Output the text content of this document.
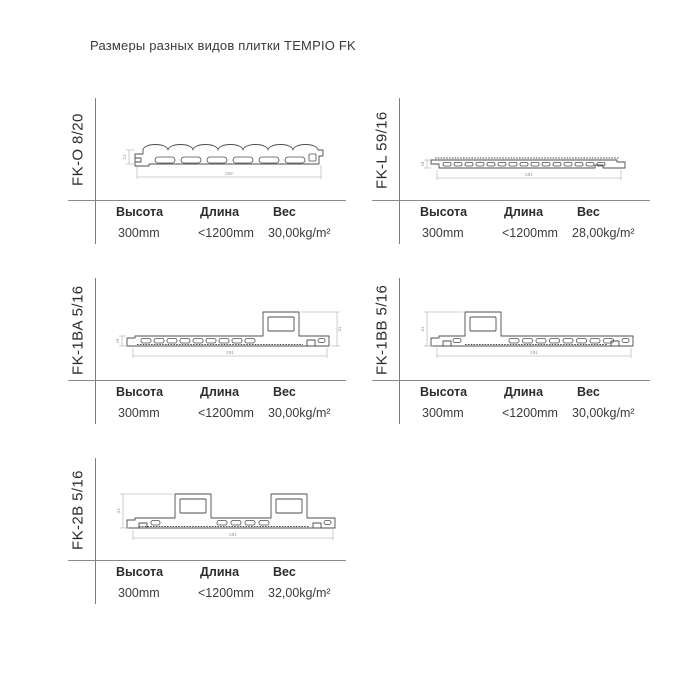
Размеры разных видов плитки TEMPIO FK
FK-O 8/20	292
21
Высота	Длина	Вес
300mm	<1200mm 30,00kg/m²
FK-L 59/16	291
16
Высота	Длина	Вес
300mm	<1200mm 28,00kg/m²
FK-1BA 5/16	291
41
16
Высота	Длина	Вес
300mm	<1200mm 30,00kg/m²
FK-1BB 5/16	291
41
Высота	Длина	Вес
300mm	<1200mm 30,00kg/m²
FK-2B 5/16	291
41
Высота	Длина	Вес
300mm	<1200mm 32,00kg/m²
